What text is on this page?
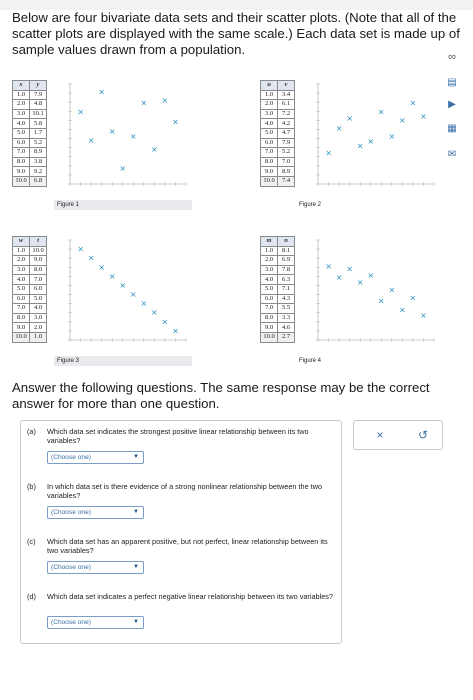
Below are four bivariate data sets and their scatter plots. (Note that all of the scatter plots are displayed with the same scale.) Each data set is made up of sample values drawn from a population.	∞
▤
▶
▦
✉
x	y
1.0	7.9
2.0	4.8
3.0	10.1
4.0	5.8
5.0	1.7
6.0	5.2
7.0	8.9
8.0	3.8
9.0	9.2
10.0	6.8
×
×
×
×
×
×
×
×
×
×
Figure 1
u	v
1.0	3.4
2.0	6.1
3.0	7.2
4.0	4.2
5.0	4.7
6.0	7.9
7.0	5.2
8.0	7.0
9.0	8.9
10.0	7.4
×
×
×
×
×
×
×
×
×
×
Figure 2
w	t
1.0	10.0
2.0	9.0
3.0	8.0
4.0	7.0
5.0	6.0
6.0	5.0
7.0	4.0
8.0	3.0
9.0	2.0
10.0	1.0
×
×
×
×
×
×
×
×
×
×
Figure 3
m	n
1.0	8.1
2.0	6.9
3.0	7.8
4.0	6.3
5.0	7.1
6.0	4.3
7.0	5.5
8.0	3.3
9.0	4.6
10.0	2.7
×
×
×
×
×
×
×
×
×
×
Figure 4
Answer the following questions. The same response may be the correct answer for more than one question.
(a) Which data set indicates the strongest positive linear relationship between its two variables?
(Choose one)	▼
(b) In which data set is there evidence of a strong nonlinear relationship between the two variables?
(Choose one)	▼
(c) Which data set has an apparent positive, but not perfect, linear relationship between its two variables?
(Choose one)	▼
(d) Which data set indicates a perfect negative linear relationship between its two variables?
(Choose one)	▼
×	↺
